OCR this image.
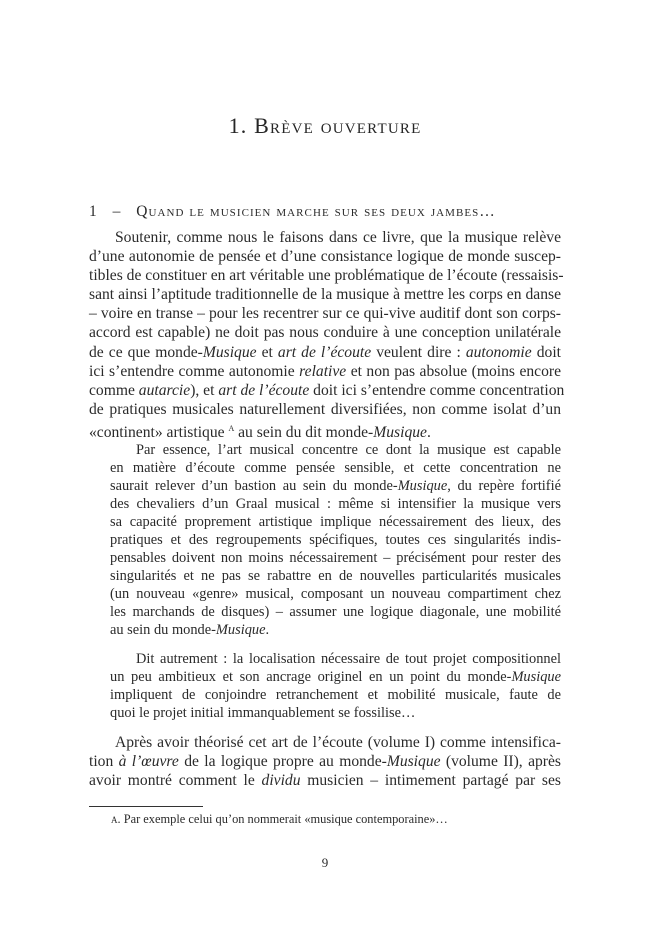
1. Brève ouverture
1 – Quand le musicien marche sur ses deux jambes…
Soutenir, comme nous le faisons dans ce livre, que la musique relève
d’une autonomie de pensée et d’une consistance logique de monde suscep-
tibles de constituer en art véritable une problématique de l’écoute (ressaisis-
sant ainsi l’aptitude traditionnelle de la musique à mettre les corps en danse
– voire en transe – pour les recentrer sur ce qui-vive auditif dont son corps-
accord est capable) ne doit pas nous conduire à une conception unilatérale
de ce que monde-Musique et art de l’écoute veulent dire : autonomie doit
ici s’entendre comme autonomie relative et non pas absolue (moins encore
comme autarcie), et art de l’écoute doit ici s’entendre comme concentration
de pratiques musicales naturellement diversifiées, non comme isolat d’un
«continent» artistique $^A$ au sein du dit monde-Musique.
Par essence, l’art musical concentre ce dont la musique est capable
en matière d’écoute comme pensée sensible, et cette concentration ne
saurait relever d’un bastion au sein du monde-Musique, du repère fortifié
des chevaliers d’un Graal musical : même si intensifier la musique vers
sa capacité proprement artistique implique nécessairement des lieux, des
pratiques et des regroupements spécifiques, toutes ces singularités indis-
pensables doivent non moins nécessairement – précisément pour rester des
singularités et ne pas se rabattre en de nouvelles particularités musicales
(un nouveau «genre» musical, composant un nouveau compartiment chez
les marchands de disques) – assumer une logique diagonale, une mobilité
au sein du monde-Musique.
Dit autrement : la localisation nécessaire de tout projet compositionnel
un peu ambitieux et son ancrage originel en un point du monde-Musique
impliquent de conjoindre retranchement et mobilité musicale, faute de
quoi le projet initial immanquablement se fossilise…
Après avoir théorisé cet art de l’écoute (volume I) comme intensifica-
tion à l’œuvre de la logique propre au monde-Musique (volume II), après
avoir montré comment le dividu musicien – intimement partagé par ses
a. Par exemple celui qu’on nommerait «musique contemporaine»…
9
